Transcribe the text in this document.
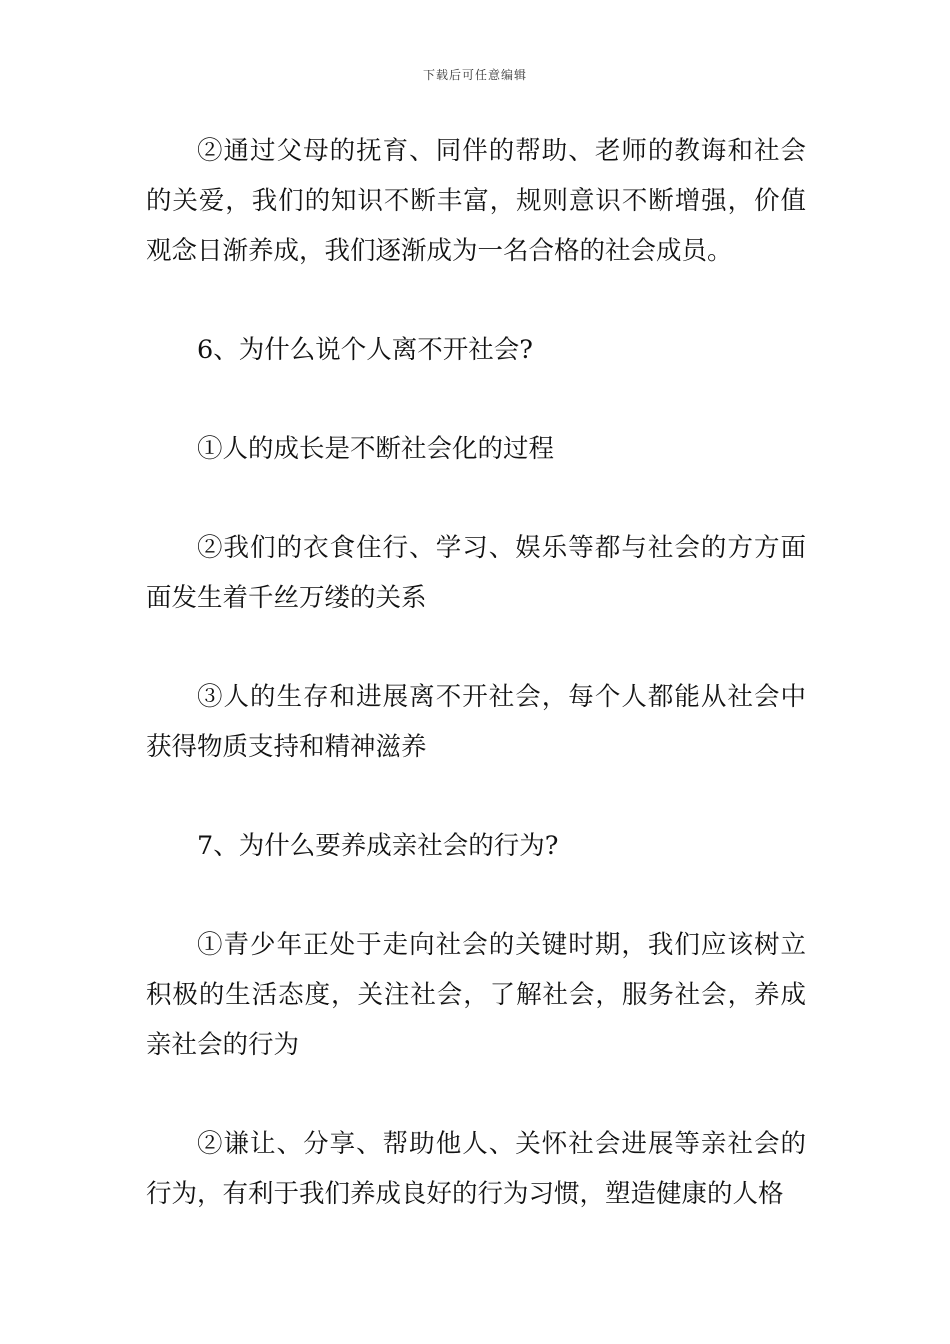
下载后可任意编辑

②通过父母的抚育、同伴的帮助、老师的教诲和社会的关爱，我们的知识不断丰富，规则意识不断增强，价值观念日渐养成，我们逐渐成为一名合格的社会成员。

6、为什么说个人离不开社会?

①人的成长是不断社会化的过程

②我们的衣食住行、学习、娱乐等都与社会的方方面面发生着千丝万缕的关系

③人的生存和进展离不开社会，每个人都能从社会中获得物质支持和精神滋养

7、为什么要养成亲社会的行为?

①青少年正处于走向社会的关键时期，我们应该树立积极的生活态度，关注社会，了解社会，服务社会，养成亲社会的行为

②谦让、分享、帮助他人、关怀社会进展等亲社会的行为，有利于我们养成良好的行为习惯，塑造健康的人格
